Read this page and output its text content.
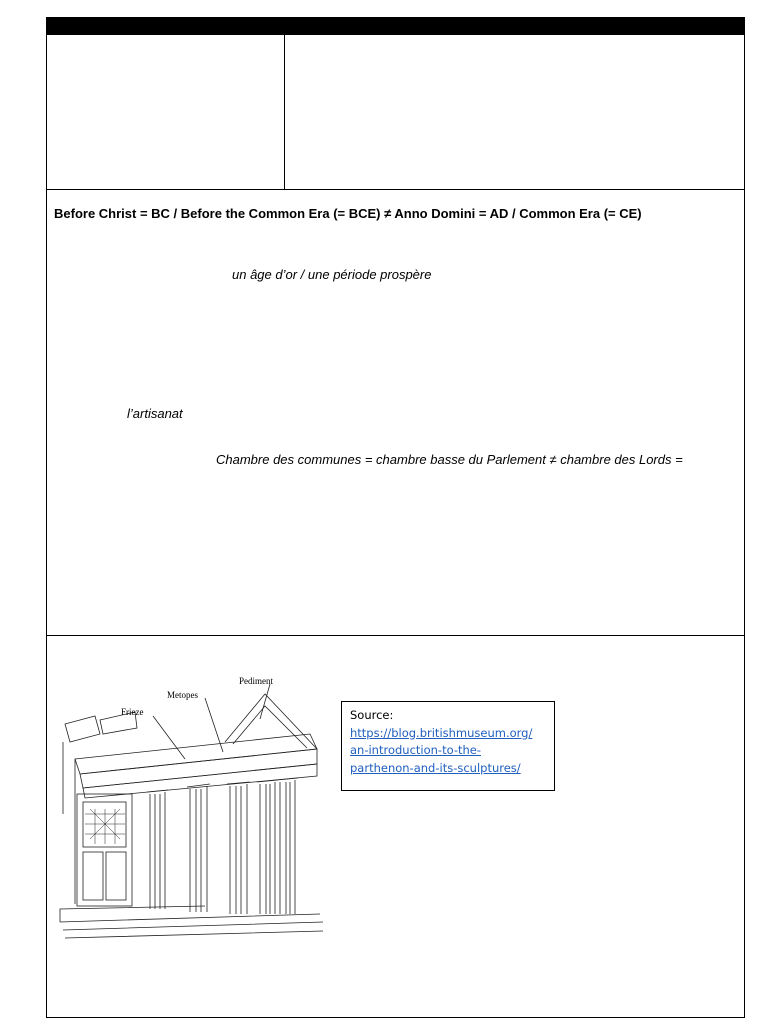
Before Christ = BC / Before the Common Era (= BCE) ≠ Anno Domini = AD / Common Era (= CE)
un âge d’or / une période prospère
l’artisanat
Chambre des communes = chambre basse du Parlement ≠ chambre des Lords =
Pediment
Metopes
Frieze	Source:
https://blog.britishmuseum.org/
an-introduction-to-the-
parthenon-and-its-sculptures/
